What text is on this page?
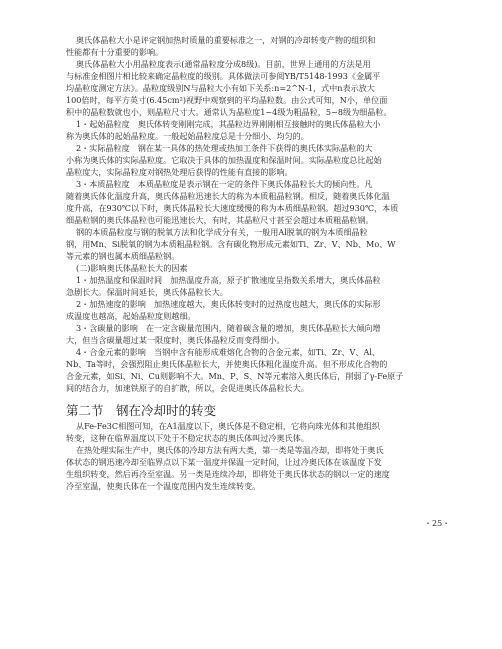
奥氏体晶粒大小是评定钢加热时质量的重要标准之一，对钢的冷却转变产物的组织和
性能都有十分重要的影响。
奥氏体晶粒大小用晶粒度表示(通常晶粒度分成8级)。目前，世界上通用的方法是用
与标准金相图片相比较来确定晶粒度的级别。具体做法可参阅YB/T5148-1993《金属平
均晶粒度测定方法》。晶粒度级别N与晶粒大小有如下关系:n=2^N-1，式中n表示放大
100倍时，每平方英寸(6.45cm²)视野中观察到的平均晶粒数。由公式可知，N小，单位面
积中的晶粒数就也小，则晶粒尺寸大。通常认为晶粒度1~4级为粗晶粒，5~8级为细晶粒。
1・起始晶粒度　奥氏体转变刚刚完成，其晶粒边界刚刚相互接触时的奥氏体晶粒大小
称为奥氏体的起始晶粒度。一般起始晶粒度总是十分细小、均匀的。
2・实际晶粒度　钢在某一具体的热处理或热加工条件下获得的奥氏体实际晶粒的大
小称为奥氏体的实际晶粒度。它取决于具体的加热温度和保温时间。实际晶粒度总比起始
晶粒度大，实际晶粒度对钢热处理后获得的性能有直接的影响。
3・本质晶粒度　本质晶粒度是表示钢在一定的条件下奥氏体晶粒长大的倾向性。凡
随着奥氏体化温度升高，奥氏体晶粒迅速长大的称为本质粗晶粒钢。相反，随着奥氏体化温
度升高，在930℃以下时，奥氏体晶粒长大速度缓慢的称为本质细晶粒钢。超过930℃，本质
细晶粒钢的奥氏体晶粒也可能迅速长大，有时，其晶粒尺寸甚至会超过本质粗晶粒钢。
钢的本质晶粒度与钢的脱氧方法和化学成分有关，一般用Al脱氧的钢为本质细晶粒
钢，用Mn、Si脱氧的钢为本质粗晶粒钢。含有碳化物形成元素如Ti、Zr、V、Nb、Mo、W
等元素的钢也属本质细晶粒钢。
(二)影响奥氏体晶粒长大的因素
1・加热温度和保温时间　加热温度升高，原子扩散速度呈指数关系增大，奥氏体晶粒
急剧长大。保温时间延长，奥氏体晶粒长大。
2・加热速度的影响　加热速度越大，奥氏体转变时的过热度也越大，奥氏体的实际形
成温度也越高，起始晶粒度则越细。
3・含碳量的影响　在一定含碳量范围内，随着碳含量的增加，奥氏体晶粒长大倾向增
大，但当含碳量超过某一限度时，奥氏体晶粒反而变得细小。
4・合金元素的影响　当钢中含有能形成难熔化合物的合金元素，如Ti、Zr、V、Al、
Nb、Ta等时，会强烈阻止奥氏体晶粒长大，并使奥氏体粗化温度升高。但不形成化合物的
合金元素，如Si、Ni、Cu则影响不大。Mn、P、S、N等元素溶入奥氏体后，削弱了γ-Fe原子
间的结合力，加速铁原子的自扩散，所以，会促进奥氏体晶粒长大。
从Fe-Fe3C相图可知，在A1温度以下，奥氏体是不稳定相，它将向珠光体和其他组织
转变，这种在临界温度以下处于不稳定状态的奥氏体叫过冷奥氏体。
在热处理实际生产中，奥氏体的冷却方法有两大类，第一类是等温冷却，即将处于奥氏
体状态的钢迅速冷却至临界点以下某一温度并保温一定时间，让过冷奥氏体在该温度下发
生组织转变，然后再冷至室温。另一类是连续冷却，即将处于奥氏体状态的钢以一定的速度
冷至室温，使奥氏体在一个温度范围内发生连续转变。
第二节　钢在冷却时的转变
・25・
